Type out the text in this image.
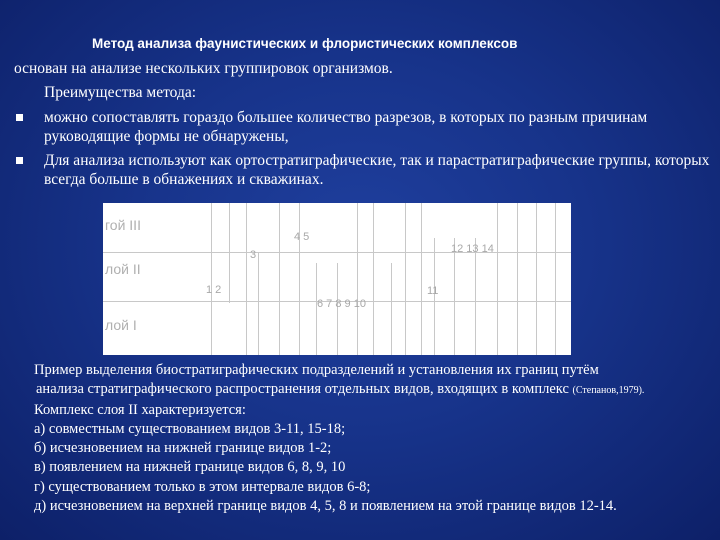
Метод анализа фаунистических и флористических комплексов
основан на анализе нескольких группировок организмов.
Преимущества метода:
можно сопоставлять гораздо большее количество разрезов, в которых по разным причинам руководящие формы не обнаружены,
Для анализа используют как ортостратиграфические, так и парастратиграфические группы, которых всегда больше в обнажениях и скважинах.
гой III
лой II
лой I
4 5
3	12 13 14
1 2	11
6 7 8 9 10
Пример выделения биостратиграфических подразделений и установления их границ путём
анализа стратиграфического распространения отдельных видов, входящих в комплекс (Степанов,1979).
Комплекс слоя II характеризуется:
а) совместным существованием видов 3-11, 15-18;
б) исчезновением на нижней границе видов 1-2;
в) появлением на нижней границе видов 6, 8, 9, 10
г) существованием только в этом интервале видов 6-8;
д) исчезновением на верхней границе видов 4, 5, 8 и появлением на этой границе видов 12-14.
